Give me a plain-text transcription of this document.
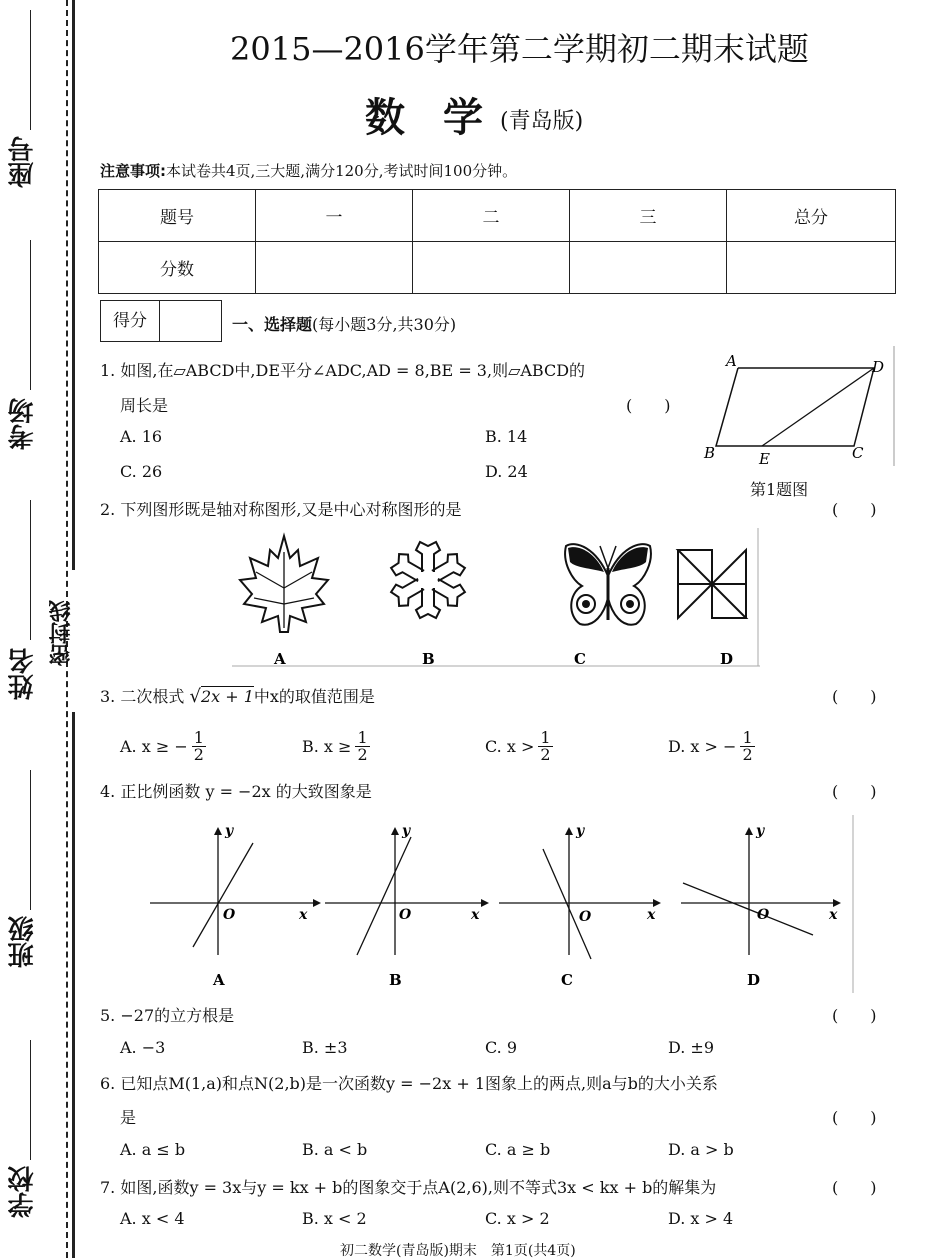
座号
考场
姓名
密封线
班级
学校
2015—2016学年第二学期初二期末试题
数学
(青岛版)
注意事项:本试卷共4页,三大题,满分120分,考试时间100分钟。
题号	一	二	三	总分
分数				
得分	一、选择题(每小题3分,共30分)
1. 如图,在▱ABCD中,DE平分∠ADC,AD = 8,BE = 3,则▱ABCD的
周长是	(　　)
A. 16	B. 14
C. 26	D. 24
A	D
B	E	C
第1题图
2. 下列图形既是轴对称图形,又是中心对称图形的是	(　　)
A	B	C	D
3. 二次根式 √2x + 1中x的取值范围是	(　　)
A. x ≥ − $\frac{1}{2}$	B. $x \ge \frac{1}{2}$	C. $x > \frac{1}{2}$	D. x > − $\frac{1}{2}$
4. 正比例函数 y = −2x 的大致图象是	(　　)
y
x
O
A
y
x
O
B
y
x
O
C
y
x
O
D
5. −27的立方根是	(　　)
A. −3	B. ±3	C. 9	D. ±9
6. 已知点M(1,a)和点N(2,b)是一次函数y = −2x + 1图象上的两点,则a与b的大小关系
是	(　　)
A. a ≤ b	B. a < b	C. a ≥ b	D. a > b
7. 如图,函数y = 3x与y = kx + b的图象交于点A(2,6),则不等式3x < kx + b的解集为	(　　)
A. x < 4	B. x < 2	C. x > 2	D. x > 4
初二数学(青岛版)期末　第1页(共4页)
